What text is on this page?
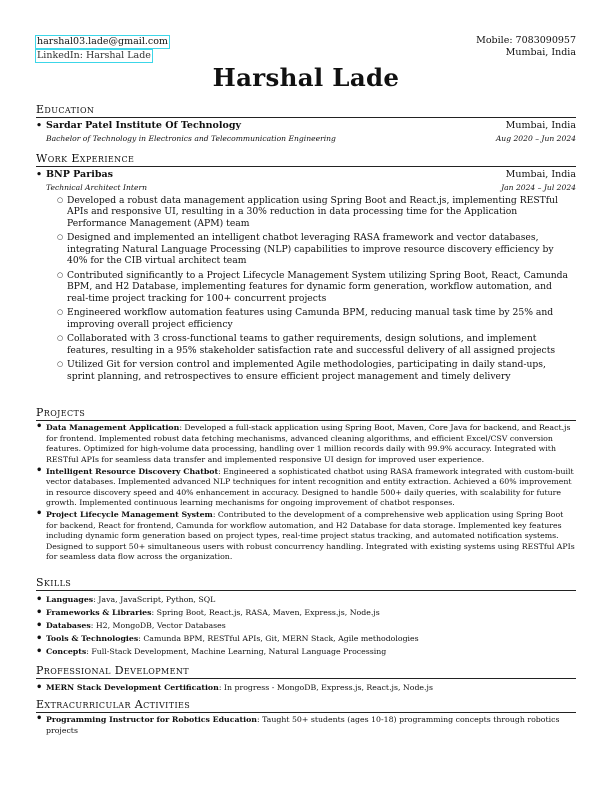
harshal03.lade@gmail.com
LinkedIn: Harshal Lade
Mobile: 7083090957
Mumbai, India
Harshal Lade
Education
• Sardar Patel Institute Of Technology	Mumbai, India
Bachelor of Technology in Electronics and Telecommunication Engineering	Aug 2020 – Jun 2024
Work Experience
• BNP Paribas	Mumbai, India
Technical Architect Intern	Jan 2024 – Jul 2024
○ Developed a robust data management application using Spring Boot and React.js, implementing RESTful APIs and responsive UI, resulting in a 30% reduction in data processing time for the Application Performance Management (APM) team
○ Designed and implemented an intelligent chatbot leveraging RASA framework and vector databases, integrating Natural Language Processing (NLP) capabilities to improve resource discovery efficiency by 40% for the CIB virtual architect team
○ Contributed significantly to a Project Lifecycle Management System utilizing Spring Boot, React, Camunda BPM, and H2 Database, implementing features for dynamic form generation, workflow automation, and real-time project tracking for 100+ concurrent projects
○ Engineered workflow automation features using Camunda BPM, reducing manual task time by 25% and improving overall project efficiency
○ Collaborated with 3 cross-functional teams to gather requirements, design solutions, and implement features, resulting in a 95% stakeholder satisfaction rate and successful delivery of all assigned projects
○ Utilized Git for version control and implemented Agile methodologies, participating in daily stand-ups, sprint planning, and retrospectives to ensure efficient project management and timely delivery
Projects
• Data Management Application: Developed a full-stack application using Spring Boot, Maven, Core Java for backend, and React.js for frontend. Implemented robust data fetching mechanisms, advanced cleaning algorithms, and efficient Excel/CSV conversion features. Optimized for high-volume data processing, handling over 1 million records daily with 99.9% accuracy. Integrated with RESTful APIs for seamless data transfer and implemented responsive UI design for improved user experience.
• Intelligent Resource Discovery Chatbot: Engineered a sophisticated chatbot using RASA framework integrated with custom-built vector databases. Implemented advanced NLP techniques for intent recognition and entity extraction. Achieved a 60% improvement in resource discovery speed and 40% enhancement in accuracy. Designed to handle 500+ daily queries, with scalability for future growth. Implemented continuous learning mechanisms for ongoing improvement of chatbot responses.
• Project Lifecycle Management System: Contributed to the development of a comprehensive web application using Spring Boot for backend, React for frontend, Camunda for workflow automation, and H2 Database for data storage. Implemented key features including dynamic form generation based on project types, real-time project status tracking, and automated notification systems. Designed to support 50+ simultaneous users with robust concurrency handling. Integrated with existing systems using RESTful APIs for seamless data flow across the organization.
Skills
• Languages: Java, JavaScript, Python, SQL
• Frameworks & Libraries: Spring Boot, React.js, RASA, Maven, Express.js, Node.js
• Databases: H2, MongoDB, Vector Databases
• Tools & Technologies: Camunda BPM, RESTful APIs, Git, MERN Stack, Agile methodologies
• Concepts: Full-Stack Development, Machine Learning, Natural Language Processing
Professional Development
• MERN Stack Development Certification: In progress - MongoDB, Express.js, React.js, Node.js
Extracurricular Activities
• Programming Instructor for Robotics Education: Taught 50+ students (ages 10-18) programming concepts through robotics projects
